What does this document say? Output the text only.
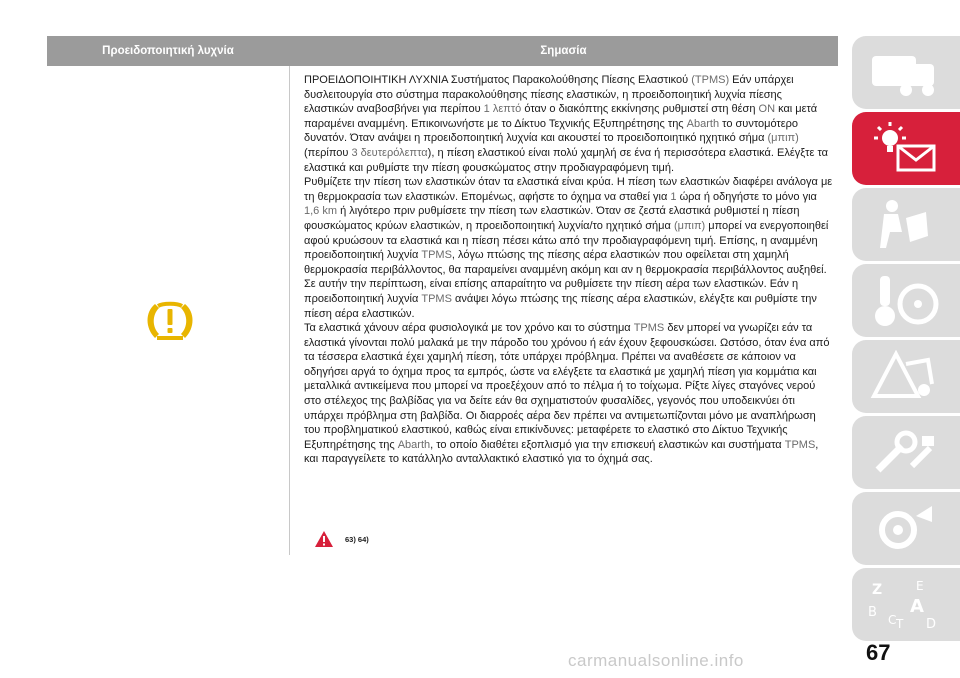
Προειδοποιητική λυχνία	Σημασία

ΠΡΟΕΙΔΟΠΟΙΗΤΙΚΗ ΛΥΧΝΙΑ Συστήματος Παρακολούθησης Πίεσης Ελαστικού (TPMS) Εάν υπάρχει δυσλειτουργία στο σύστημα παρακολούθησης πίεσης ελαστικών, η προειδοποιητική λυχνία πίεσης ελαστικών αναβοσβήνει για περίπου 1 λεπτό όταν ο διακόπτης εκκίνησης ρυθμιστεί στη θέση ON και μετά παραμένει αναμμένη. Επικοινωνήστε με το Δίκτυο Τεχνικής Εξυπηρέτησης της Abarth το συντομότερο δυνατόν. Όταν ανάψει η προειδοποιητική λυχνία και ακουστεί το προειδοποιητικό ηχητικό σήμα (μπιπ) (περίπου 3 δευτερόλεπτα), η πίεση ελαστικού είναι πολύ χαμηλή σε ένα ή περισσότερα ελαστικά. Ελέγξτε τα ελαστικά και ρυθμίστε την πίεση φουσκώματος στην προδιαγραφόμενη τιμή.

Ρυθμίζετε την πίεση των ελαστικών όταν τα ελαστικά είναι κρύα. Η πίεση των ελαστικών διαφέρει ανάλογα με τη θερμοκρασία των ελαστικών. Επομένως, αφήστε το όχημα να σταθεί για 1 ώρα ή οδηγήστε το μόνο για 1,6 km ή λιγότερο πριν ρυθμίσετε την πίεση των ελαστικών. Όταν σε ζεστά ελαστικά ρυθμιστεί η πίεση φουσκώματος κρύων ελαστικών, η προειδοποιητική λυχνία/το ηχητικό σήμα (μπιπ) μπορεί να ενεργοποιηθεί αφού κρυώσουν τα ελαστικά και η πίεση πέσει κάτω από την προδιαγραφόμενη τιμή. Επίσης, η αναμμένη προειδοποιητική λυχνία TPMS, λόγω πτώσης της πίεσης αέρα ελαστικών που οφείλεται στη χαμηλή θερμοκρασία περιβάλλοντος, θα παραμείνει αναμμένη ακόμη και αν η θερμοκρασία περιβάλλοντος αυξηθεί. Σε αυτήν την περίπτωση, είναι επίσης απαραίτητο να ρυθμίσετε την πίεση αέρα των ελαστικών. Εάν η προειδοποιητική λυχνία TPMS ανάψει λόγω πτώσης της πίεσης αέρα ελαστικών, ελέγξτε και ρυθμίστε την πίεση αέρα ελαστικών.

Τα ελαστικά χάνουν αέρα φυσιολογικά με τον χρόνο και το σύστημα TPMS δεν μπορεί να γνωρίζει εάν τα ελαστικά γίνονται πολύ μαλακά με την πάροδο του χρόνου ή εάν έχουν ξεφουσκώσει. Ωστόσο, όταν ένα από τα τέσσερα ελαστικά έχει χαμηλή πίεση, τότε υπάρχει πρόβλημα. Πρέπει να αναθέσετε σε κάποιον να οδηγήσει αργά το όχημα προς τα εμπρός, ώστε να ελέγξετε τα ελαστικά με χαμηλή πίεση για κομμάτια και μεταλλικά αντικείμενα που μπορεί να προεξέχουν από το πέλμα ή το τοίχωμα. Ρίξτε λίγες σταγόνες νερού στο στέλεχος της βαλβίδας για να δείτε εάν θα σχηματιστούν φυσαλίδες, γεγονός που υποδεικνύει ότι υπάρχει πρόβλημα στη βαλβίδα. Οι διαρροές αέρα δεν πρέπει να αντιμετωπίζονται μόνο με αναπλήρωση του προβληματικού ελαστικού, καθώς είναι επικίνδυνες: μεταφέρετε το ελαστικό στο Δίκτυο Τεχνικής Εξυπηρέτησης της Abarth, το οποίο διαθέτει εξοπλισμό για την επισκευή ελαστικών και συστήματα TPMS, και παραγγείλετε το κατάλληλο ανταλλακτικό ελαστικό για το όχημά σας.

63) 64)
Z	E
B A
C T D
67
carmanualsonline.info
